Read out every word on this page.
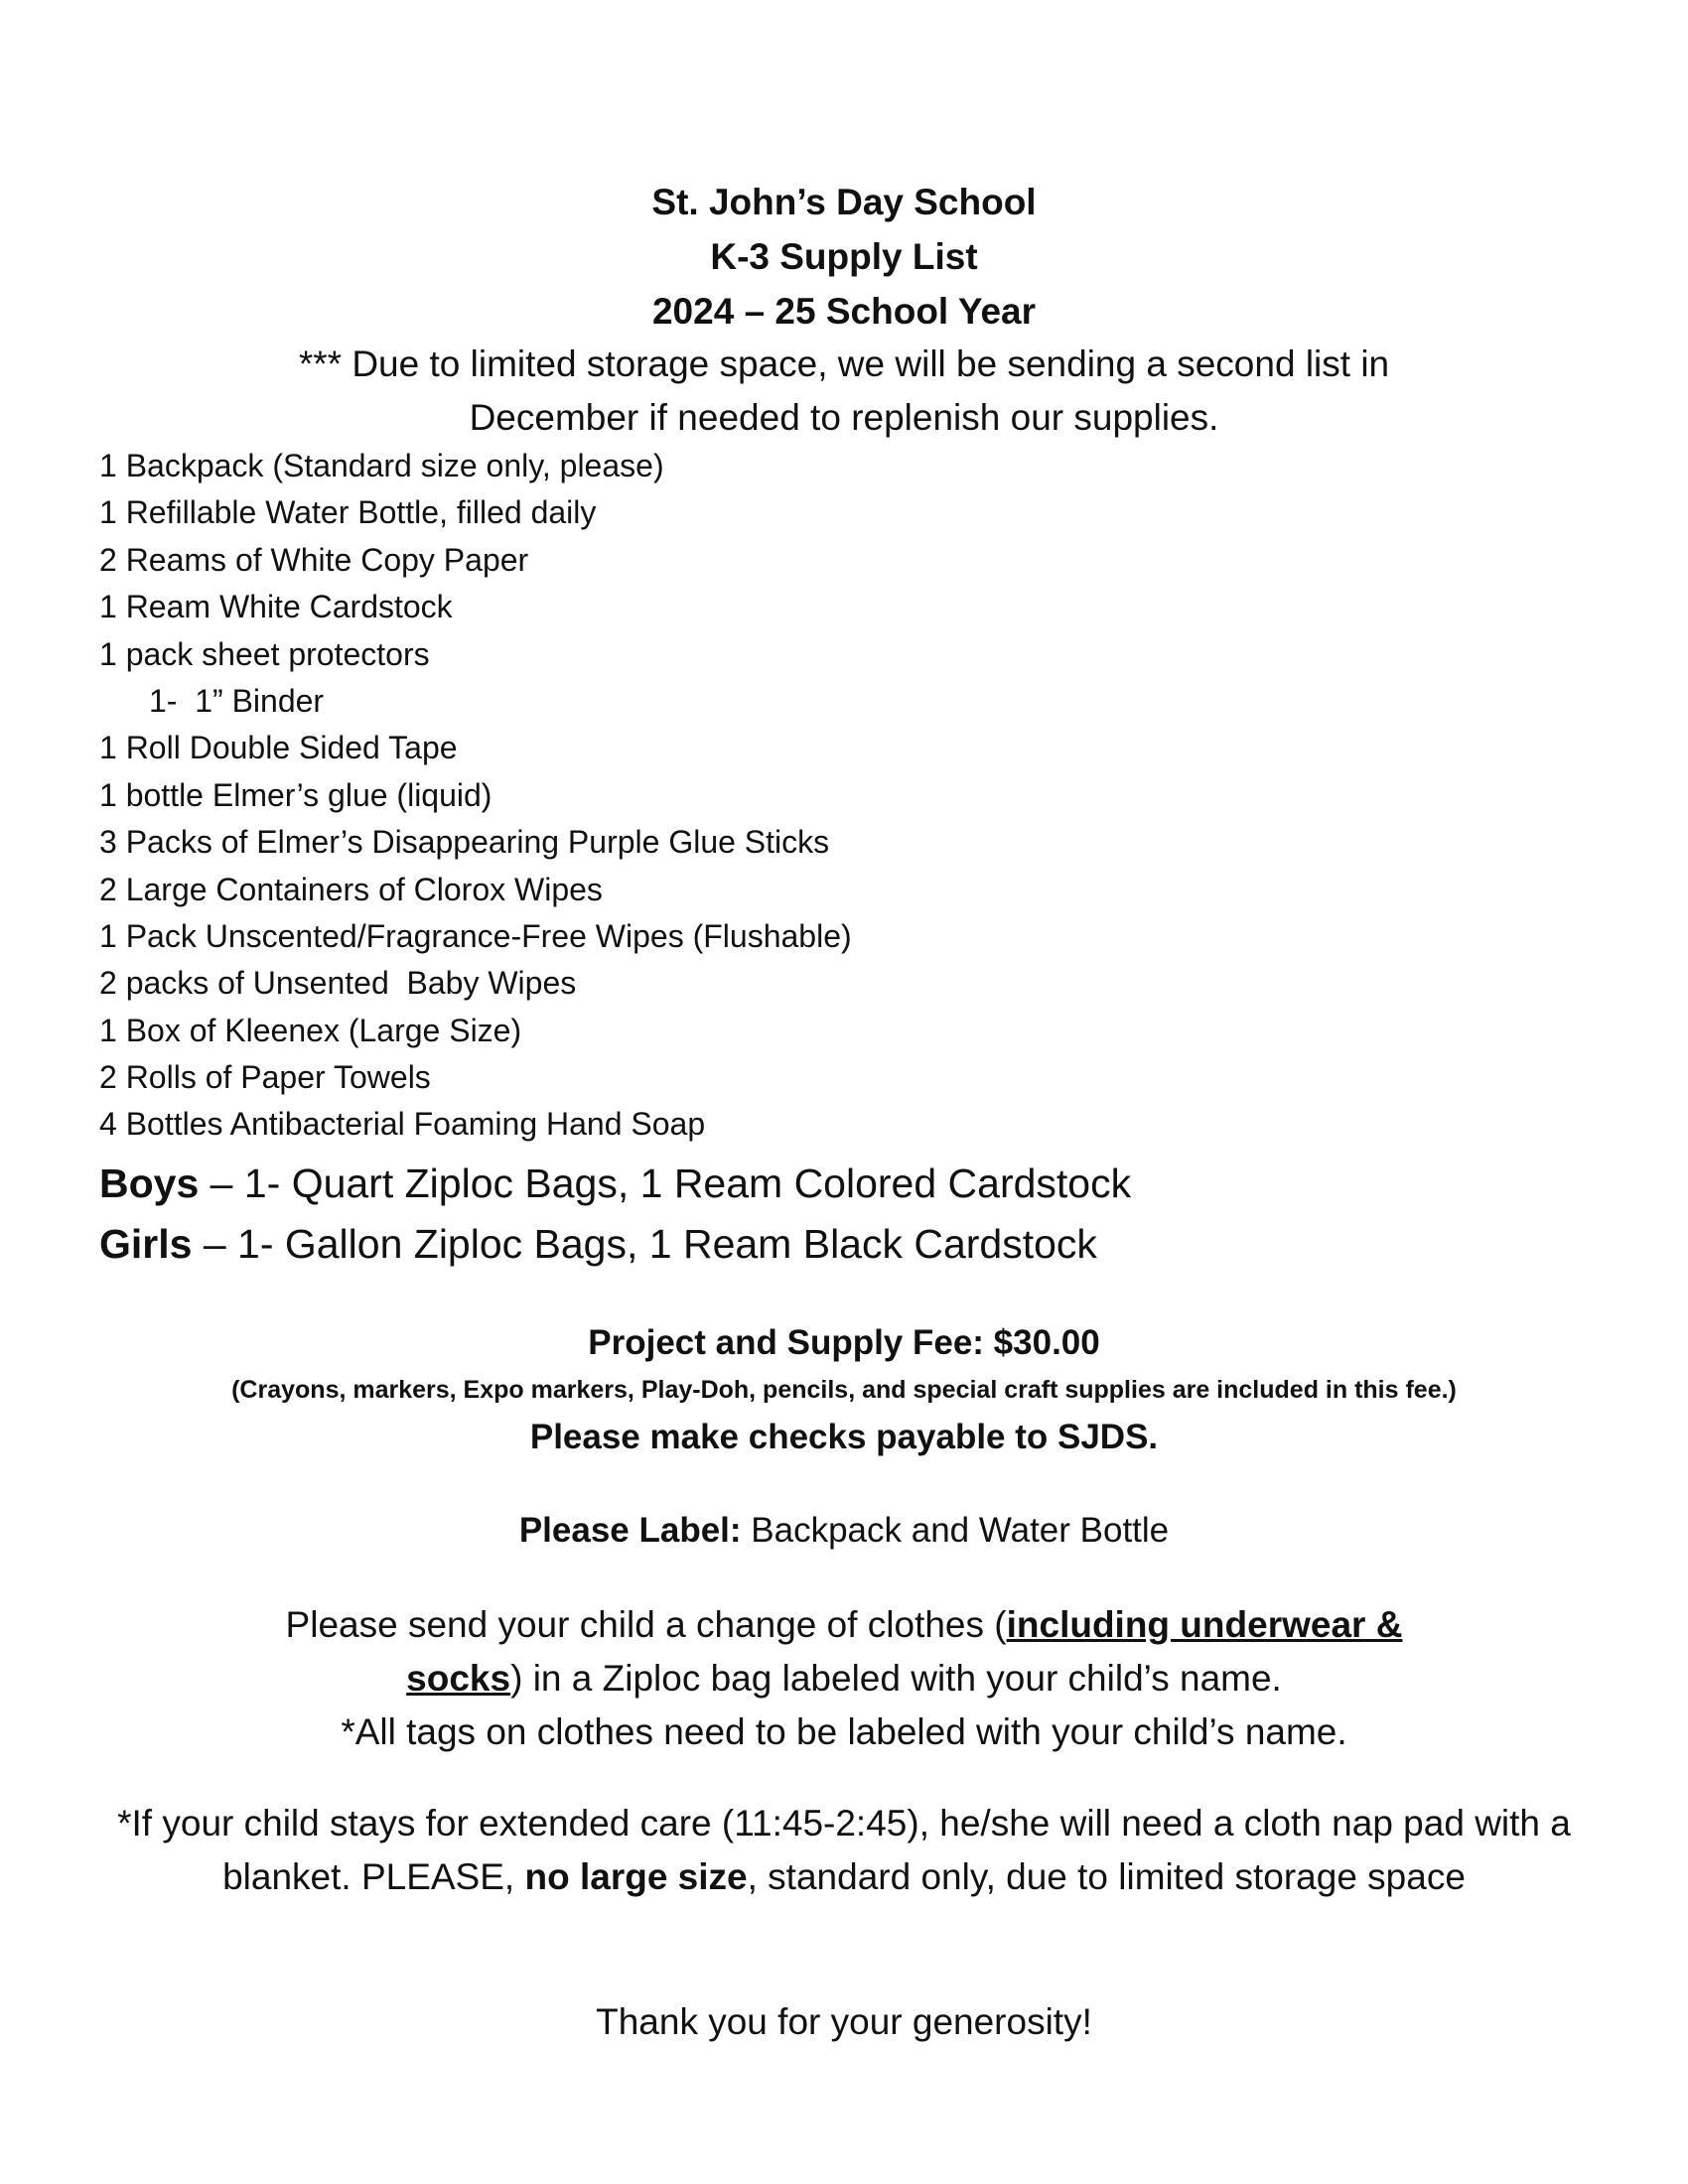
St. John’s Day School
K-3 Supply List
2024 – 25 School Year
*** Due to limited storage space, we will be sending a second list in
December if needed to replenish our supplies.
1 Backpack (Standard size only, please)
1 Refillable Water Bottle, filled daily
2 Reams of White Copy Paper
1 Ream White Cardstock
1 pack sheet protectors
1-  1” Binder
1 Roll Double Sided Tape
1 bottle Elmer’s glue (liquid)
3 Packs of Elmer’s Disappearing Purple Glue Sticks
2 Large Containers of Clorox Wipes
1 Pack Unscented/Fragrance-Free Wipes (Flushable)
2 packs of Unsented  Baby Wipes
1 Box of Kleenex (Large Size)
2 Rolls of Paper Towels
4 Bottles Antibacterial Foaming Hand Soap
Boys – 1- Quart Ziploc Bags, 1 Ream Colored Cardstock
Girls – 1- Gallon Ziploc Bags, 1 Ream Black Cardstock
Project and Supply Fee: $30.00
(Crayons, markers, Expo markers, Play-Doh, pencils, and special craft supplies are included in this fee.)
Please make checks payable to SJDS.
Please Label: Backpack and Water Bottle
Please send your child a change of clothes (including underwear &
socks) in a Ziploc bag labeled with your child’s name.
*All tags on clothes need to be labeled with your child’s name.
*If your child stays for extended care (11:45-2:45), he/she will need a cloth nap pad with a blanket. PLEASE, no large size, standard only, due to limited storage space
Thank you for your generosity!
